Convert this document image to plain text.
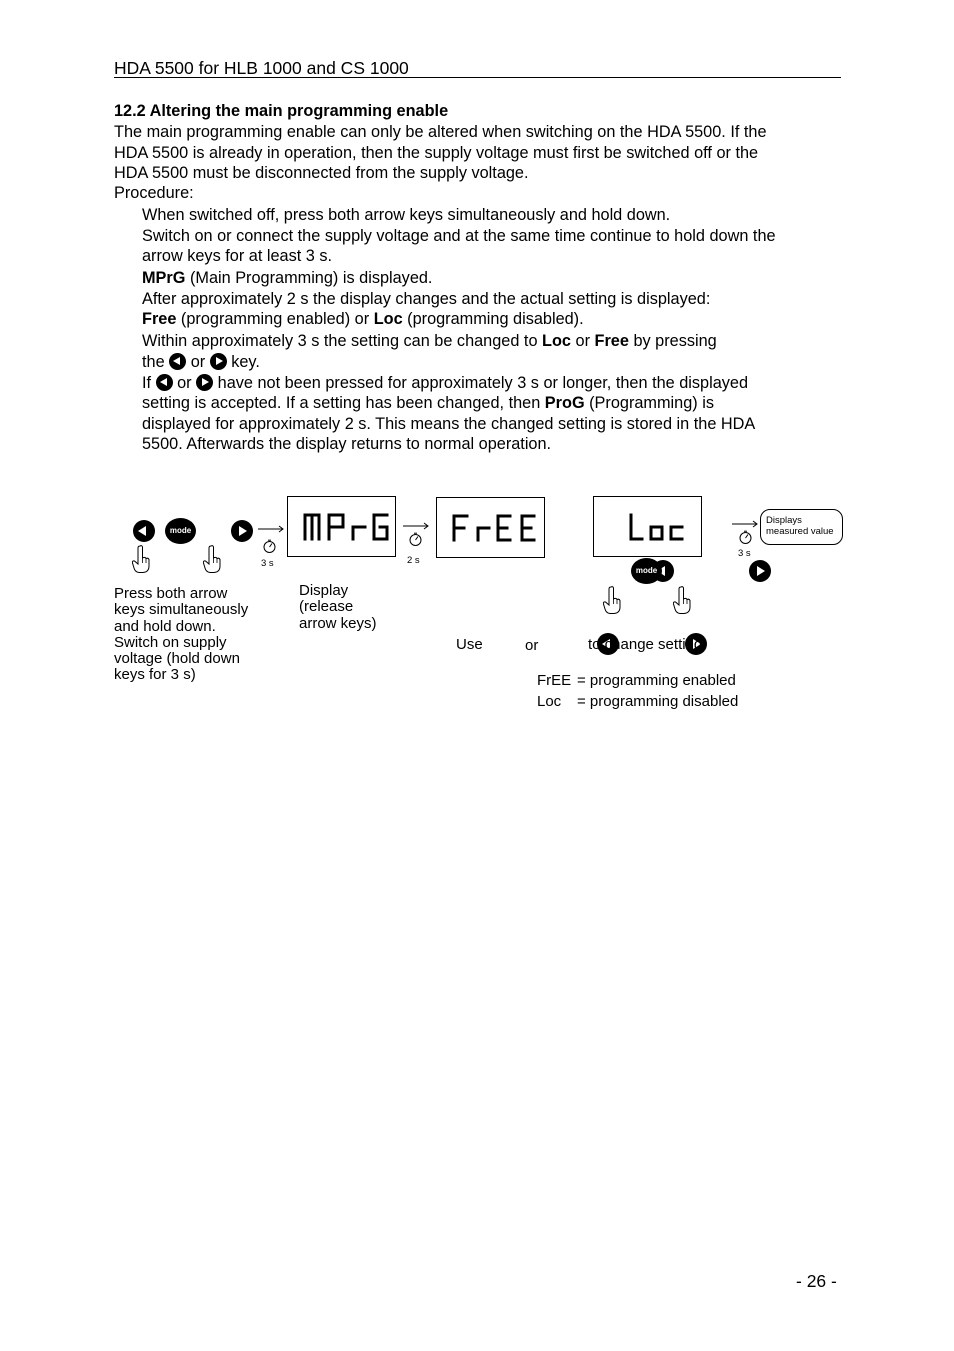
HDA 5500 for HLB 1000 and CS 1000
12.2 Altering the main programming enable
The main programming enable can only be altered when switching on the HDA 5500. If the
HDA 5500 is already in operation, then the supply voltage must first be switched off or the
HDA 5500 must be disconnected from the supply voltage.
Procedure:
When switched off, press both arrow keys simultaneously and hold down.
Switch on or connect the supply voltage and at the same time continue to hold down the
arrow keys for at least 3 s.
MPrG (Main Programming) is displayed.
After approximately 2 s the display changes and the actual setting is displayed:
Free (programming enabled) or Loc (programming disabled).
Within approximately 3 s the setting can be changed to Loc or Free by pressing
the  or  key.
If  or  have not been pressed for approximately 3 s or longer, then the displayed
setting is accepted. If a setting has been changed, then ProG (Programming) is
displayed for approximately 2 s. This means the changed setting is stored in the HDA
5500. Afterwards the display returns to normal operation.

mode

3 s	2 s
3 s
Displays
measured value

mode

Press both arrow
keys simultaneously
and hold down.
Switch on supply
voltage (hold down
keys for 3 s)
Display
(release
arrow keys)
Use
	or	to change setting
FrEE = programming enabled
Loc = programming disabled
- 26 -
